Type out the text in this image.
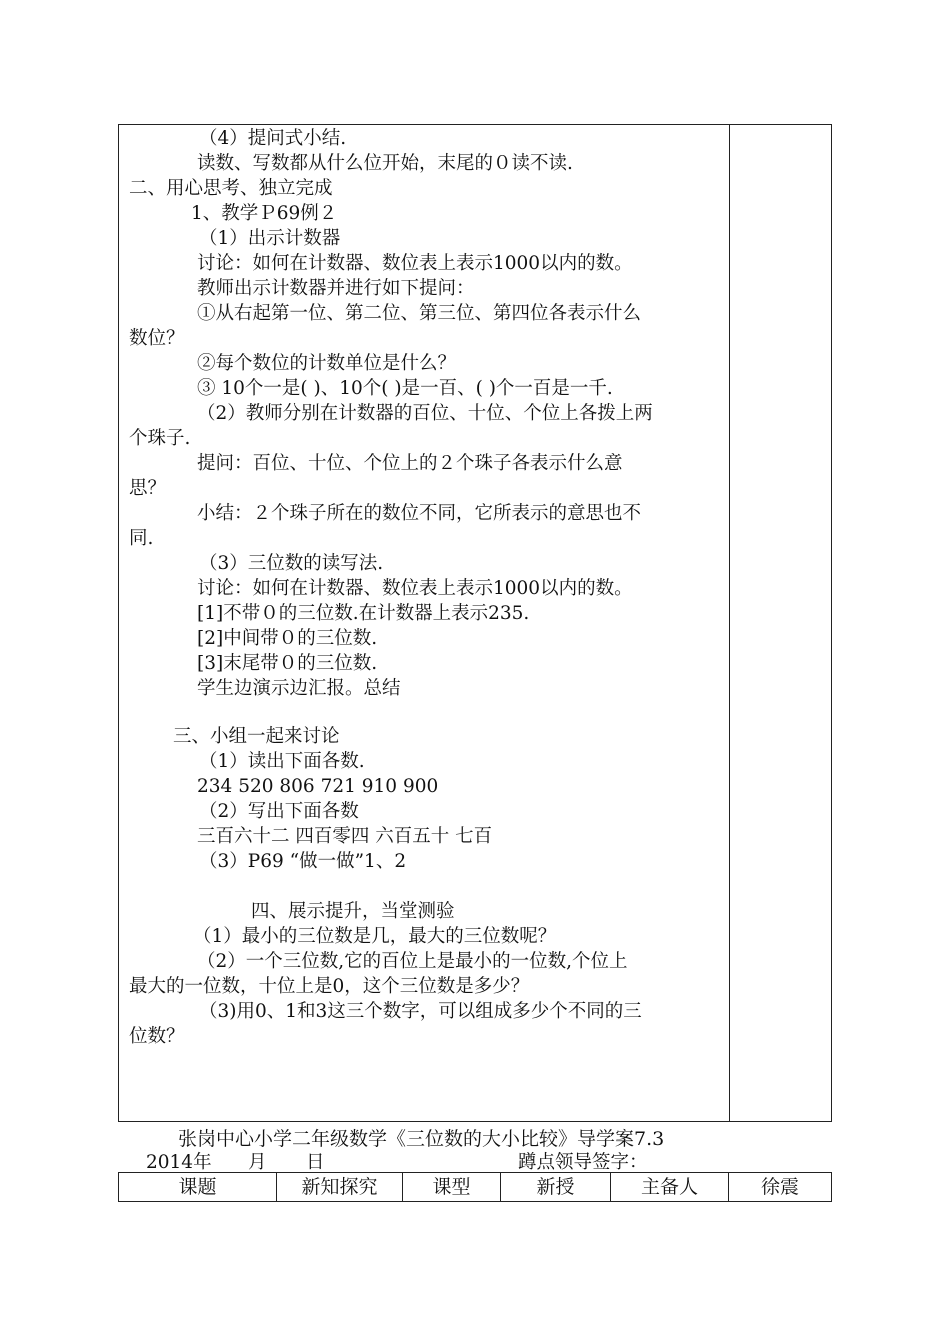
（4）提问式小结.
读数、写数都从什么位开始，末尾的０读不读.
二、用心思考、独立完成
1、教学Ｐ69例２
（1）出示计数器
讨论：如何在计数器、数位表上表示1000以内的数。
教师出示计数器并进行如下提问：
①从右起第一位、第二位、第三位、第四位各表示什么
数位？
②每个数位的计数单位是什么？
③ 10个一是( )、10个( )是一百、( )个一百是一千.
（2）教师分别在计数器的百位、十位、个位上各拨上两
个珠子.
提问：百位、十位、个位上的２个珠子各表示什么意
思？
小结：２个珠子所在的数位不同，它所表示的意思也不
同.
（3）三位数的读写法.
讨论：如何在计数器、数位表上表示1000以内的数。
[1]不带０的三位数.在计数器上表示235.
[2]中间带０的三位数.
[3]末尾带０的三位数.
学生边演示边汇报。总结
三、小组一起来讨论
（1）读出下面各数.
234 520 806 721 910 900
（2）写出下面各数
三百六十二 四百零四 六百五十 七百
（3）P69 “做一做”1、2
四、展示提升，当堂测验
（1）最小的三位数是几，最大的三位数呢？
（2）一个三位数,它的百位上是最小的一位数,个位上
最大的一位数，十位上是0，这个三位数是多少？
（3)用0、1和3这三个数字，可以组成多少个不同的三
位数？
张岗中心小学二年级数学《三位数的大小比较》导学案7.3
2014年 月 日	蹲点领导签字：
课题	新知探究	课型	新授	主备人	徐震
